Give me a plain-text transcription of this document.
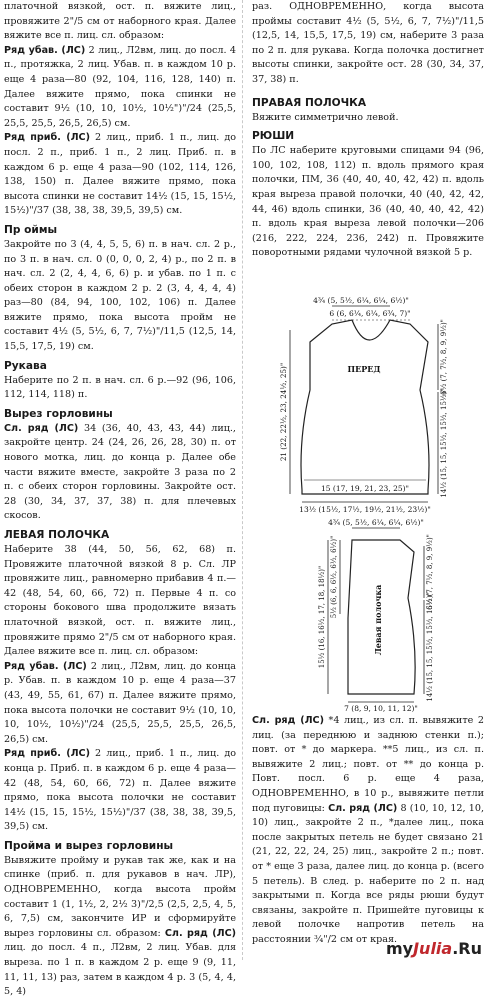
платочной вязкой, ост. п. вяжите лиц., провяжите 2"/5 см от наборного края. Далее вяжите все п. лиц. сл. образом:

Ряд убав. (ЛС) 2 лиц., Л2вм, лиц. до посл. 4 п., протяжка, 2 лиц. Убав. п. в каждом 10 р. еще 4 раза—80 (92, 104, 116, 128, 140) п. Далее вяжите прямо, пока спинки не составит 9½ (10, 10, 10½, 10½")"/24 (25,5, 25,5, 25,5, 26,5, 26,5) см.

Ряд приб. (ЛС) 2 лиц., приб. 1 п., лиц. до посл. 2 п., приб. 1 п., 2 лиц. Приб. п. в каждом 6 р. еще 4 раза—90 (102, 114, 126, 138, 150) п. Далее вяжите прямо, пока высота спинки не составит 14½ (15, 15, 15½, 15½)"/37 (38, 38, 38, 39,5, 39,5) см.

Пр оймы

Закройте по 3 (4, 4, 5, 5, 6) п. в нач. сл. 2 р., по 3 п. в нач. сл. 0 (0, 0, 0, 2, 4) р., по 2 п. в нач. сл. 2 (2, 4, 4, 6, 6) р. и убав. по 1 п. с обеих сторон в каждом 2 р. 2 (3, 4, 4, 4, 4) раз—80 (84, 94, 100, 102, 106) п. Далее вяжите прямо, пока высота пройм не составит 4½ (5, 5½, 6, 7, 7½)"/11,5 (12,5, 14, 15,5, 17,5, 19) см.

Рукава

Наберите по 2 п. в нач. сл. 6 р.—92 (96, 106, 112, 114, 118) п.

Вырез горловины

Сл. ряд (ЛС) 34 (36, 40, 43, 43, 44) лиц., закройте центр. 24 (24, 26, 26, 28, 30) п. от нового мотка, лиц. до конца р. Далее обе части вяжите вместе, закройте 3 раза по 2 п. с обеих сторон горловины. Закройте ост. 28 (30, 34, 37, 37, 38) п. для плечевых скосов.

ЛЕВАЯ ПОЛОЧКА

Наберите 38 (44, 50, 56, 62, 68) п. Провяжите платочной вязкой 8 р. Сл. ЛР провяжите лиц., равномерно прибавив 4 п.—42 (48, 54, 60, 66, 72) п. Первые 4 п. со стороны бокового шва продолжите вязать платочной вязкой, ост. п. вяжите лиц., провяжите прямо 2"/5 см от наборного края. Далее вяжите все п. лиц. сл. образом:

Ряд убав. (ЛС) 2 лиц., Л2вм, лиц. до конца р. Убав. п. в каждом 10 р. еще 4 раза—37 (43, 49, 55, 61, 67) п. Далее вяжите прямо, пока высота полочки не составит 9½ (10, 10, 10, 10½, 10½)"/24 (25,5, 25,5, 25,5, 26,5, 26,5) см.

Ряд приб. (ЛС) 2 лиц., приб. 1 п., лиц. до конца р. Приб. п. в каждом 6 р. еще 4 раза—42 (48, 54, 60, 66, 72) п. Далее вяжите прямо, пока высота полочки не составит 14½ (15, 15, 15½, 15½)"/37 (38, 38, 38, 39,5, 39,5) см.

Пройма и вырез горловины

Вывяжите пройму и рукав так же, как и на спинке (приб. п. для рукавов в нач. ЛР), ОДНОВРЕМЕННО, когда высота пройм составит 1 (1, 1½, 2, 2½ 3)"/2,5 (2,5, 2,5, 4, 5, 6, 7,5) см, закончите ИР и сформируйте вырез горловины сл. образом: Сл. ряд (ЛС) лиц. до посл. 4 п., Л2вм, 2 лиц. Убав. для выреза. по 1 п. в каждом 2 р. еще 9 (9, 11, 11, 11, 13) раз, затем в каждом 4 р. 3 (5, 4, 4, 5, 4)

раз. ОДНОВРЕМЕННО, когда высота проймы составит 4½ (5, 5½, 6, 7, 7½)"/11,5 (12,5, 14, 15,5, 17,5, 19) см, наберите 3 раза по 2 п. для рукава. Когда полочка достигнет высоты спинки, закройте ост. 28 (30, 34, 37, 37, 38) п.

ПРАВАЯ ПОЛОЧКА

Вяжите симметрично левой.

РЮШИ

По ЛС наберите круговыми спицами 94 (96, 100, 102, 108, 112) п. вдоль прямого края полочки, ПМ, 36 (40, 40, 40, 42, 42) п. вдоль края выреза правой полочки, 40 (40, 42, 42, 44, 46) вдоль спинки, 36 (40, 40, 40, 42, 42) п. вдоль края выреза левой полочки—206 (216, 222, 224, 236, 242) п. Провяжите поворотными рядами чулочной вязкой 5 р.

4¾ (5, 5½, 6¼, 6¼, 6½)"
6 (6, 6¼, 6¼, 6¾, 7)"
ПЕРЕД
21 (22, 22½, 23, 24½, 25)"
6½ (7, 7½, 8, 9, 9½)"
14½ (15, 15, 15½, 15½, 15½)"
15 (17, 19, 21, 23, 25)"
13½ (15½, 17½, 19½, 21½, 23½)"
4¾ (5, 5½, 6¼, 6¼, 6½)"
Левая полочка
5½ (6, 6, 6½, 6½, 6½)"
15½ (16, 16½, 17, 18, 18½)"	6½ (7, 7½, 8, 9, 9½)"
14½ (15, 15, 15½, 15½, 15½)"
7 (8, 9, 10, 11, 12)"

Сл. ряд (ЛС) *4 лиц., из сл. п. вывяжите 2 лиц. (за переднюю и заднюю стенки п.); повт. от * до маркера. **5 лиц., из сл. п. вывяжите 2 лиц.; повт. от ** до конца р. Повт. посл. 6 р. еще 4 раза, ОДНОВРЕМЕННО, в 10 р., вывяжите петли под пуговицы: Сл. ряд (ЛС) 8 (10, 10, 12, 10, 10) лиц., закройте 2 п., *далее лиц., пока после закрытых петель не будет связано 21 (21, 22, 22, 24, 25) лиц., закройте 2 п.; повт. от * еще 3 раза, далее лиц. до конца р. (всего 5 петель). В след. р. наберите по 2 п. над закрытыми п. Когда все ряды рюши будут связаны, закройте п. Пришейте пуговицы к левой полочке напротив петель на расстоянии ¾"/2 см от края.

myJulia.Ru
